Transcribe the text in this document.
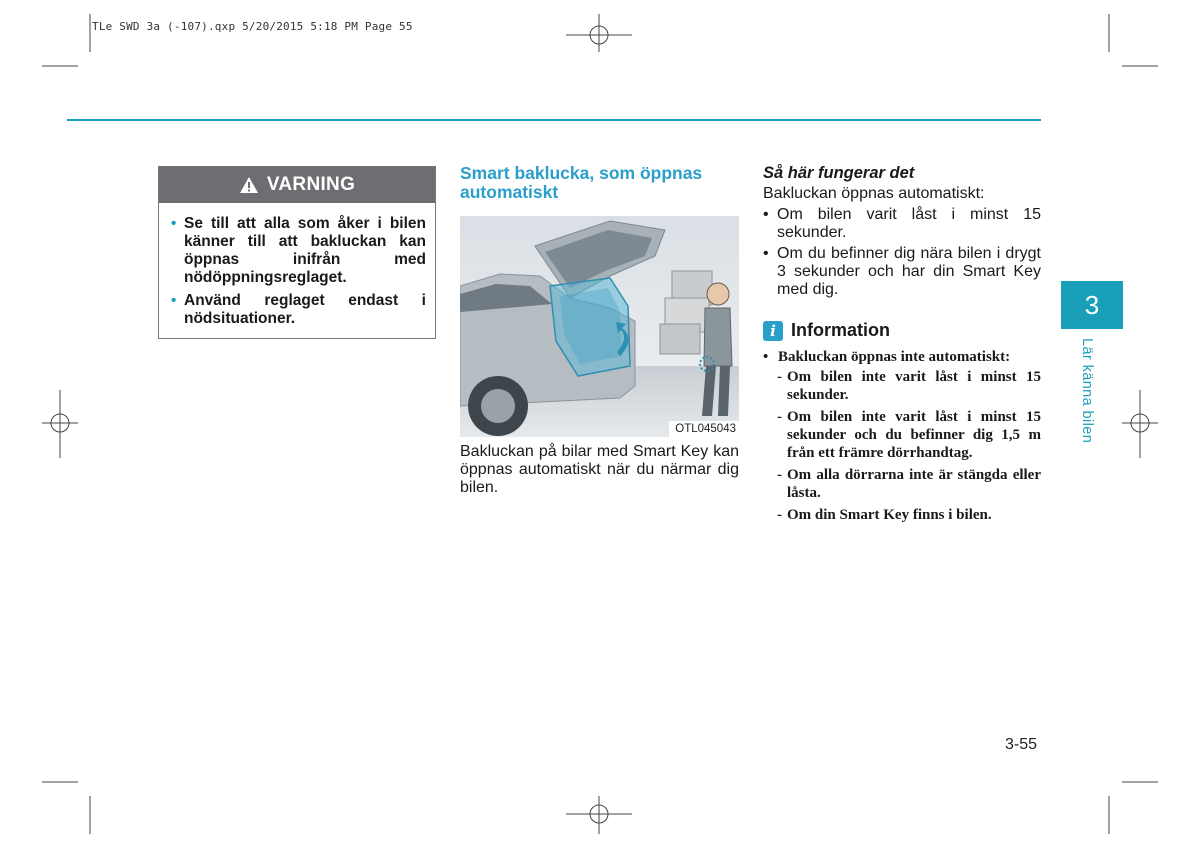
TLe SWD 3a (-107).qxp 5/20/2015 5:18 PM Page 55
VARNING
• Se till att alla som åker i bilen känner till att bakluckan kan öppnas inifrån med nödöppningsreglaget.
• Använd reglaget endast i nödsituationer.
Smart baklucka, som öppnas
automatiskt
OTL045043
Bakluckan på bilar med Smart Key kan öppnas automatiskt när du närmar dig bilen.
Så här fungerar det
Bakluckan öppnas automatiskt:
• Om bilen varit låst i minst 15 sekunder.
• Om du befinner dig nära bilen i drygt 3 sekunder och har din Smart Key med dig.
i Information
• Bakluckan öppnas inte automatiskt:
- Om bilen inte varit låst i minst 15 sekunder.
- Om bilen inte varit låst i minst 15 sekunder och du befinner dig 1,5 m från ett främre dörrhandtag.
- Om alla dörrarna inte är stängda eller låsta.
- Om din Smart Key finns i bilen.
3
Lär känna bilen
3-55
